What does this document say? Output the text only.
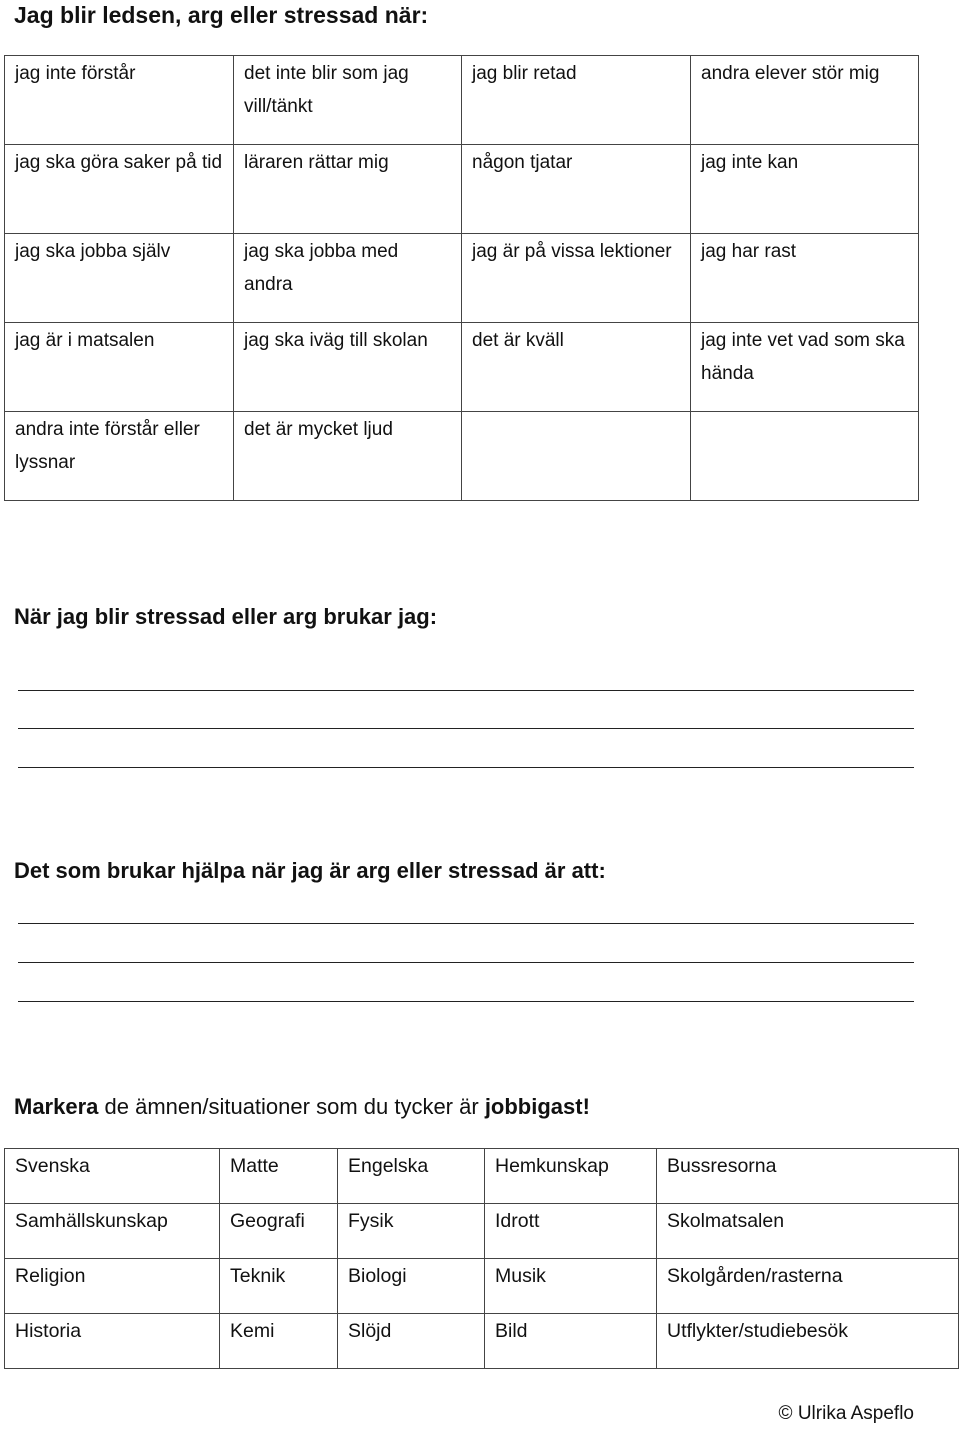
Jag blir ledsen, arg eller stressad när:
jag inte förstår	det inte blir som jag vill/tänkt	jag blir retad	andra elever stör mig
jag ska göra saker på tid	läraren rättar mig	någon tjatar	jag inte kan
jag ska jobba själv	jag ska jobba med andra	jag är på vissa lektioner	jag har rast
jag är i matsalen	jag ska iväg till skolan	det är kväll	jag inte vet vad som ska hända
andra inte förstår eller lyssnar	det är mycket ljud		
När jag blir stressad eller arg brukar jag:
Det som brukar hjälpa när jag är arg eller stressad är att:
Markera de ämnen/situationer som du tycker är jobbigast!
Svenska	Matte	Engelska	Hemkunskap	Bussresorna
Samhällskunskap	Geografi	Fysik	Idrott	Skolmatsalen
Religion	Teknik	Biologi	Musik	Skolgården/rasterna
Historia	Kemi	Slöjd	Bild	Utflykter/studiebesök
© Ulrika Aspeflo
